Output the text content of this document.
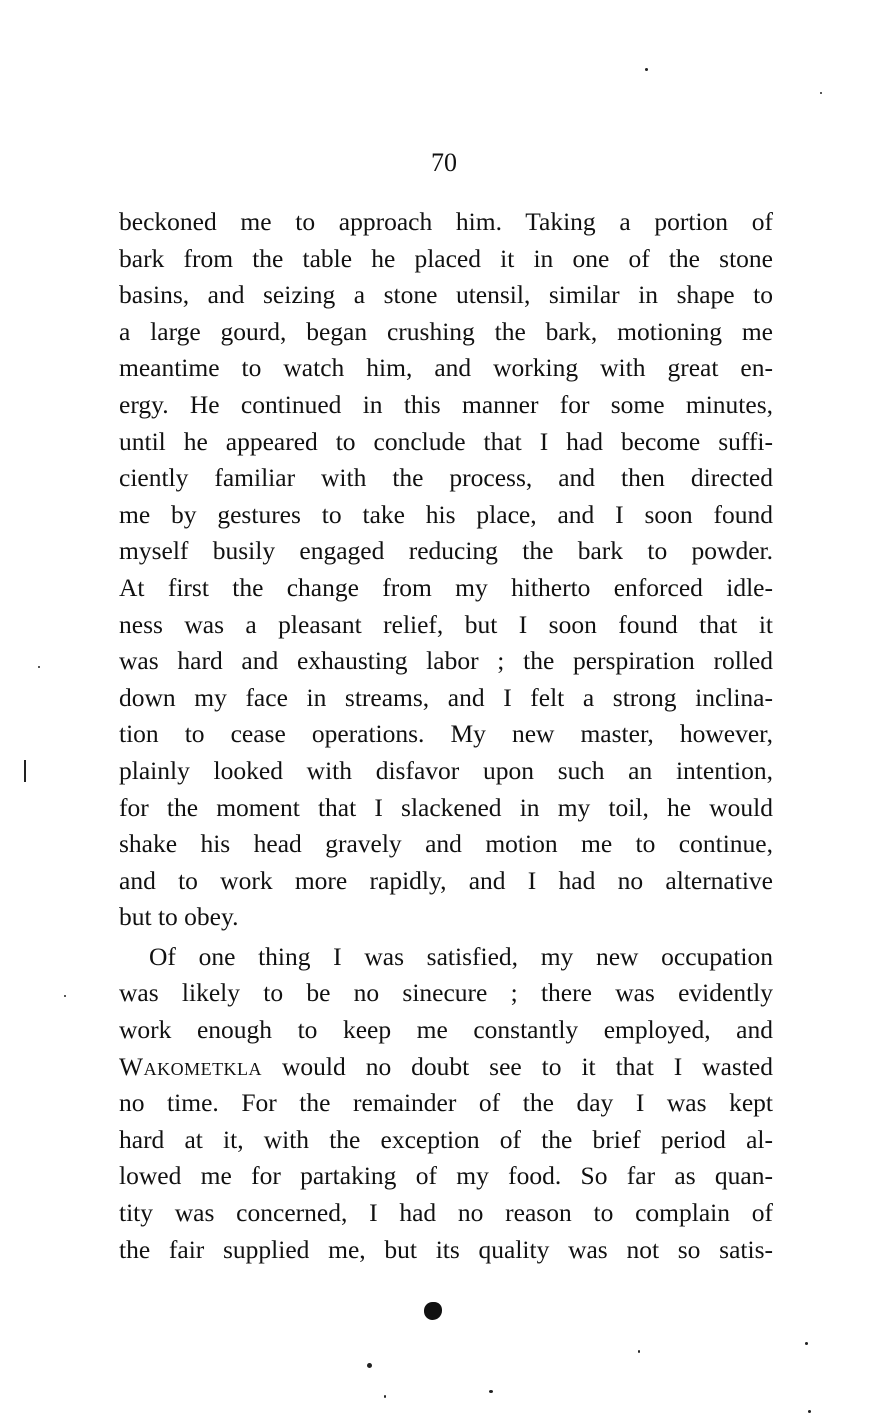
70
beckoned me to approach him. Taking a portion of
bark from the table he placed it in one of the stone
basins, and seizing a stone utensil, similar in shape to
a large gourd, began crushing the bark, motioning me
meantime to watch him, and working with great en-
ergy. He continued in this manner for some minutes,
until he appeared to conclude that I had become suffi-
ciently familiar with the process, and then directed
me by gestures to take his place, and I soon found
myself busily engaged reducing the bark to powder.
At first the change from my hitherto enforced idle-
ness was a pleasant relief, but I soon found that it
was hard and exhausting labor ; the perspiration rolled
down my face in streams, and I felt a strong inclina-
tion to cease operations. My new master, however,
plainly looked with disfavor upon such an intention,
for the moment that I slackened in my toil, he would
shake his head gravely and motion me to continue,
and to work more rapidly, and I had no alternative
but to obey.
Of one thing I was satisfied, my new occupation
was likely to be no sinecure ; there was evidently
work enough to keep me constantly employed, and
Wakometkla would no doubt see to it that I wasted
no time. For the remainder of the day I was kept
hard at it, with the exception of the brief period al-
lowed me for partaking of my food. So far as quan-
tity was concerned, I had no reason to complain of
the fair supplied me, but its quality was not so satis-
